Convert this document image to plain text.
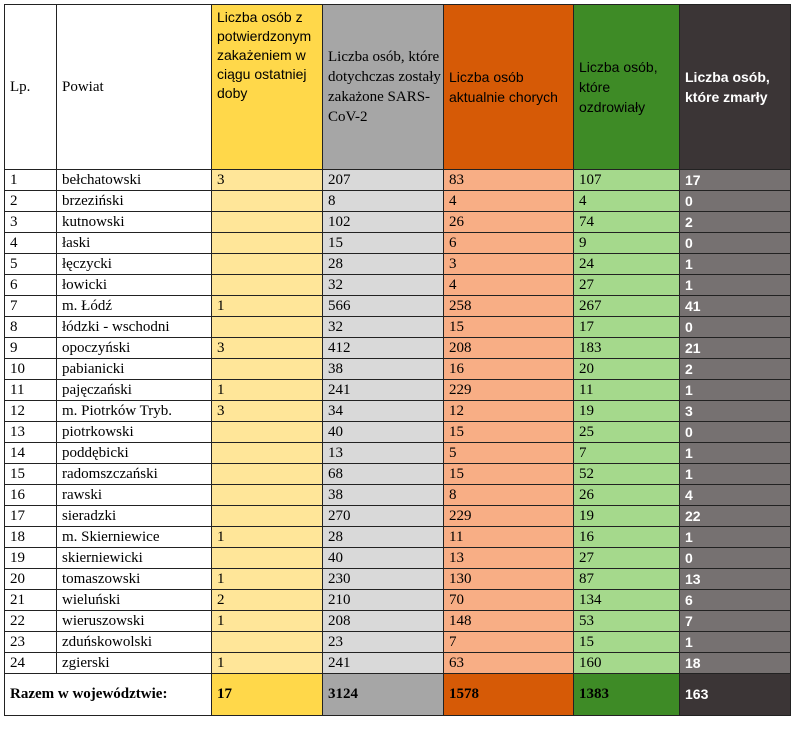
Lp.	Powiat	Liczba osób z potwierdzonym zakażeniem w ciągu ostatniej doby	Liczba osób, które dotychczas zostały zakażone SARS-CoV-2	Liczba osób aktualnie chorych	Liczba osób, które ozdrowiały	Liczba osób, które zmarły
1	bełchatowski	3	207	83	107	17
2	brzeziński		8	4	4	0
3	kutnowski		102	26	74	2
4	łaski		15	6	9	0
5	łęczycki		28	3	24	1
6	łowicki		32	4	27	1
7	m. Łódź	1	566	258	267	41
8	łódzki - wschodni		32	15	17	0
9	opoczyński	3	412	208	183	21
10	pabianicki		38	16	20	2
11	pajęczański	1	241	229	11	1
12	m. Piotrków Tryb.	3	34	12	19	3
13	piotrkowski		40	15	25	0
14	poddębicki		13	5	7	1
15	radomszczański		68	15	52	1
16	rawski		38	8	26	4
17	sieradzki		270	229	19	22
18	m. Skierniewice	1	28	11	16	1
19	skierniewicki		40	13	27	0
20	tomaszowski	1	230	130	87	13
21	wieluński	2	210	70	134	6
22	wieruszowski	1	208	148	53	7
23	zduńskowolski		23	7	15	1
24	zgierski	1	241	63	160	18
Razem w województwie:		17	3124	1578	1383	163
